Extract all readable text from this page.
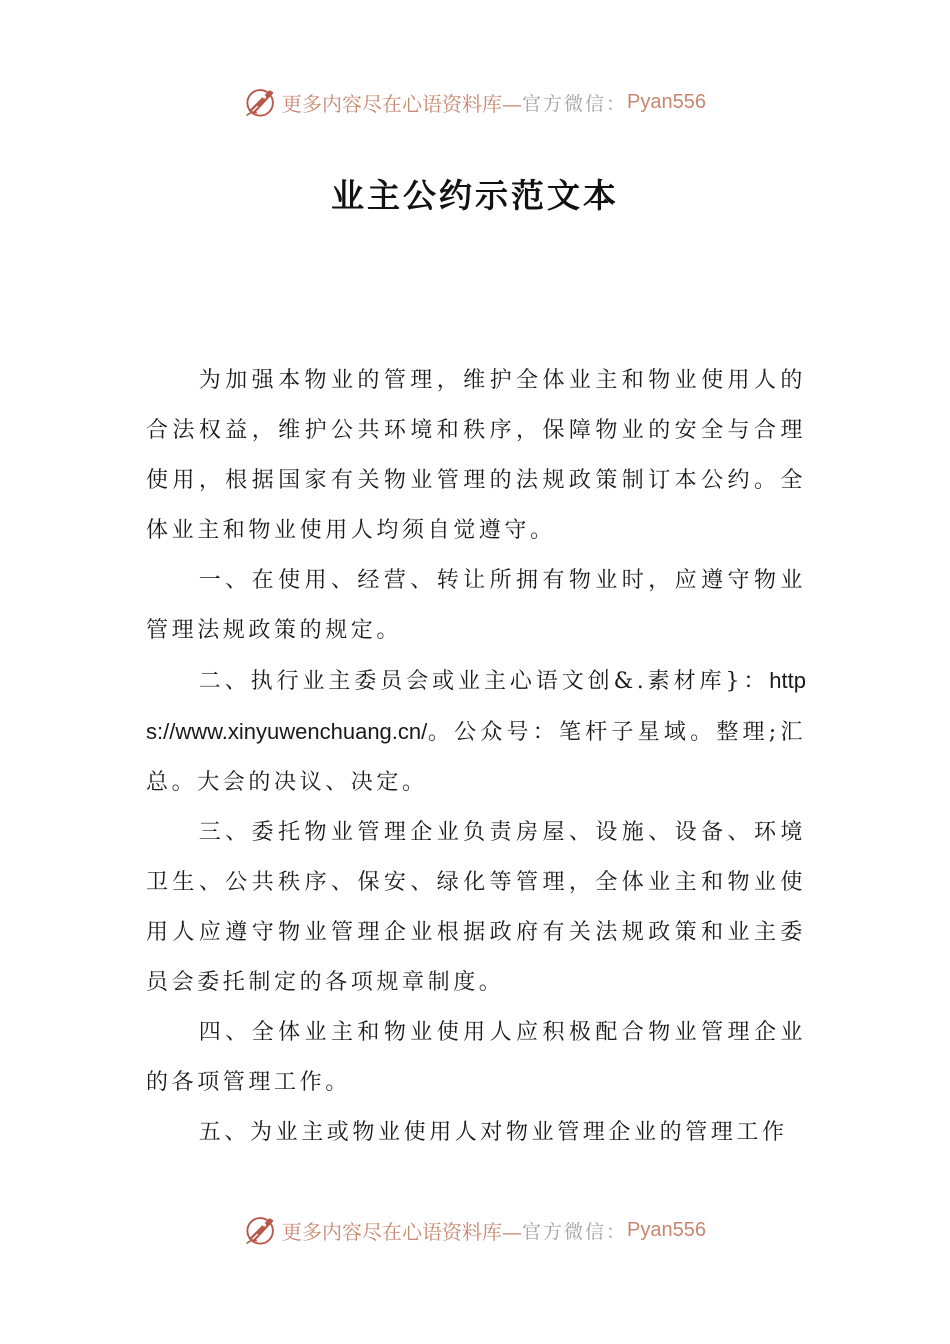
更多内容尽在心语资料库— 官方微信： Pyan556
业主公约示范文本

为加强本物业的管理，维护全体业主和物业使用人的合法权益，维护公共环境和秩序，保障物业的安全与合理使用，根据国家有关物业管理的法规政策制订本公约。全体业主和物业使用人均须自觉遵守。

一、在使用、经营、转让所拥有物业时，应遵守物业管理法规政策的规定。

二、执行业主委员会或业主心语文创&.素材库}：https://www.xinyuwenchuang.cn/。公众号：笔杆子星域。整理;汇总。大会的决议、决定。

三、委托物业管理企业负责房屋、设施、设备、环境卫生、公共秩序、保安、绿化等管理，全体业主和物业使用人应遵守物业管理企业根据政府有关法规政策和业主委员会委托制定的各项规章制度。

四、全体业主和物业使用人应积极配合物业管理企业的各项管理工作。

五、为业主或物业使用人对物业管理企业的管理工作

更多内容尽在心语资料库— 官方微信： Pyan556
